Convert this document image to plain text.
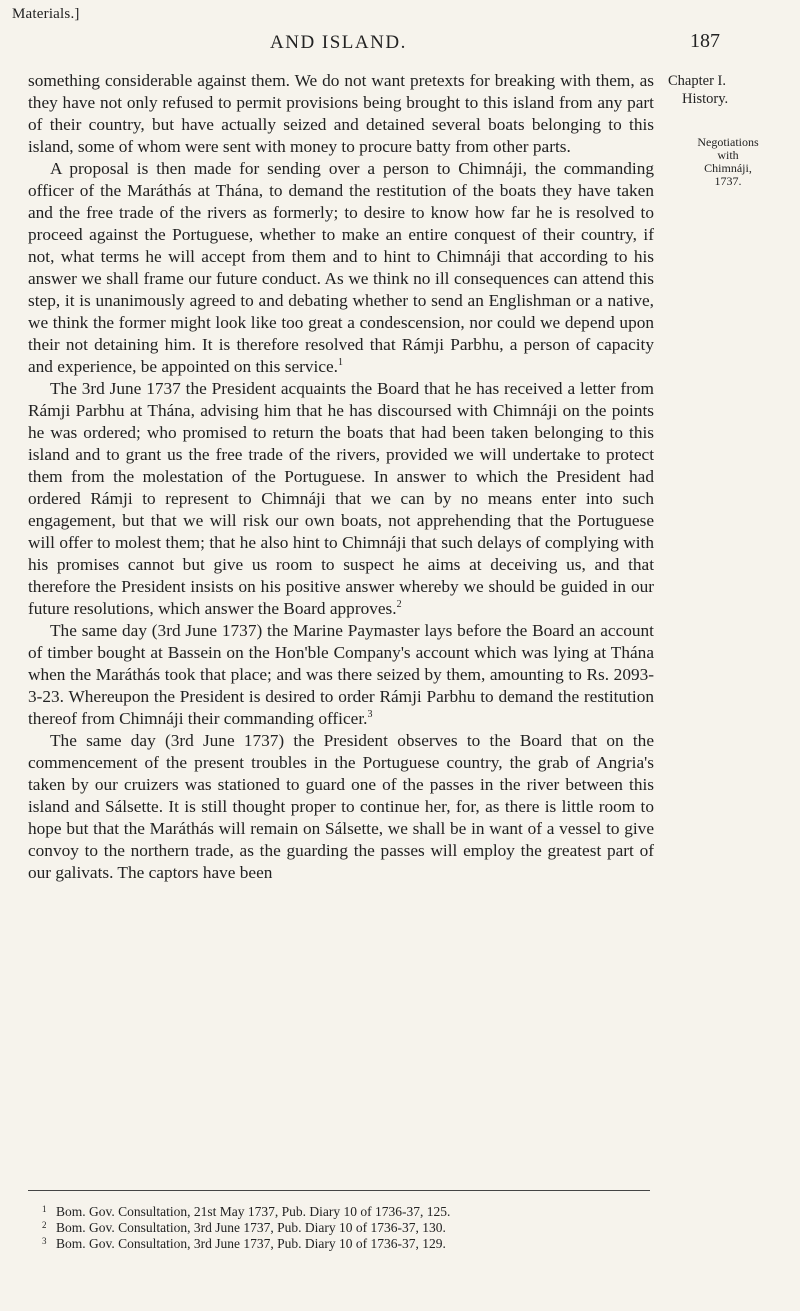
Materials.]
AND ISLAND.	187

something considerable against them. We do not want pretexts for breaking with them, as they have not only refused to permit provisions being brought to this island from any part of their country, but have actually seized and detained several boats belonging to this island, some of whom were sent with money to procure batty from other parts.

A proposal is then made for sending over a person to Chimnáji, the commanding officer of the Maráthás at Thána, to demand the restitution of the boats they have taken and the free trade of the rivers as formerly; to desire to know how far he is resolved to proceed against the Portuguese, whether to make an entire conquest of their country, if not, what terms he will accept from them and to hint to Chimnáji that according to his answer we shall frame our future conduct. As we think no ill consequences can attend this step, it is unanimously agreed to and debating whether to send an Englishman or a native, we think the former might look like too great a condescension, nor could we depend upon their not detaining him. It is therefore resolved that Rámji Parbhu, a person of capacity and experience, be appointed on this service.$^1$

The 3rd June 1737 the President acquaints the Board that he has received a letter from Rámji Parbhu at Thána, advising him that he has discoursed with Chimnáji on the points he was ordered; who promised to return the boats that had been taken belonging to this island and to grant us the free trade of the rivers, provided we will undertake to protect them from the molestation of the Portuguese. In answer to which the President had ordered Rámji to represent to Chimnáji that we can by no means enter into such engagement, but that we will risk our own boats, not apprehending that the Portuguese will offer to molest them; that he also hint to Chimnáji that such delays of complying with his promises cannot but give us room to suspect he aims at deceiving us, and that therefore the President insists on his positive answer whereby we should be guided in our future resolutions, which answer the Board approves.$^2$

The same day (3rd June 1737) the Marine Paymaster lays before the Board an account of timber bought at Bassein on the Hon'ble Company's account which was lying at Thána when the Maráthás took that place; and was there seized by them, amounting to Rs. 2093-3-23. Whereupon the President is desired to order Rámji Parbhu to demand the restitution thereof from Chimnáji their commanding officer.$^3$

The same day (3rd June 1737) the President observes to the Board that on the commencement of the present troubles in the Portuguese country, the grab of Angria's taken by our cruizers was stationed to guard one of the passes in the river between this island and Sálsette. It is still thought proper to continue her, for, as there is little room to hope but that the Maráthás will remain on Sálsette, we shall be in want of a vessel to give convoy to the northern trade, as the guarding the passes will employ the greatest part of our galivats. The captors have been

Chapter I.
History.
Negotiations
with
Chimnáji,
1737.
1 Bom. Gov. Consultation, 21st May 1737, Pub. Diary 10 of 1736-37, 125.
2 Bom. Gov. Consultation, 3rd June 1737, Pub. Diary 10 of 1736-37, 130.
3 Bom. Gov. Consultation, 3rd June 1737, Pub. Diary 10 of 1736-37, 129.
